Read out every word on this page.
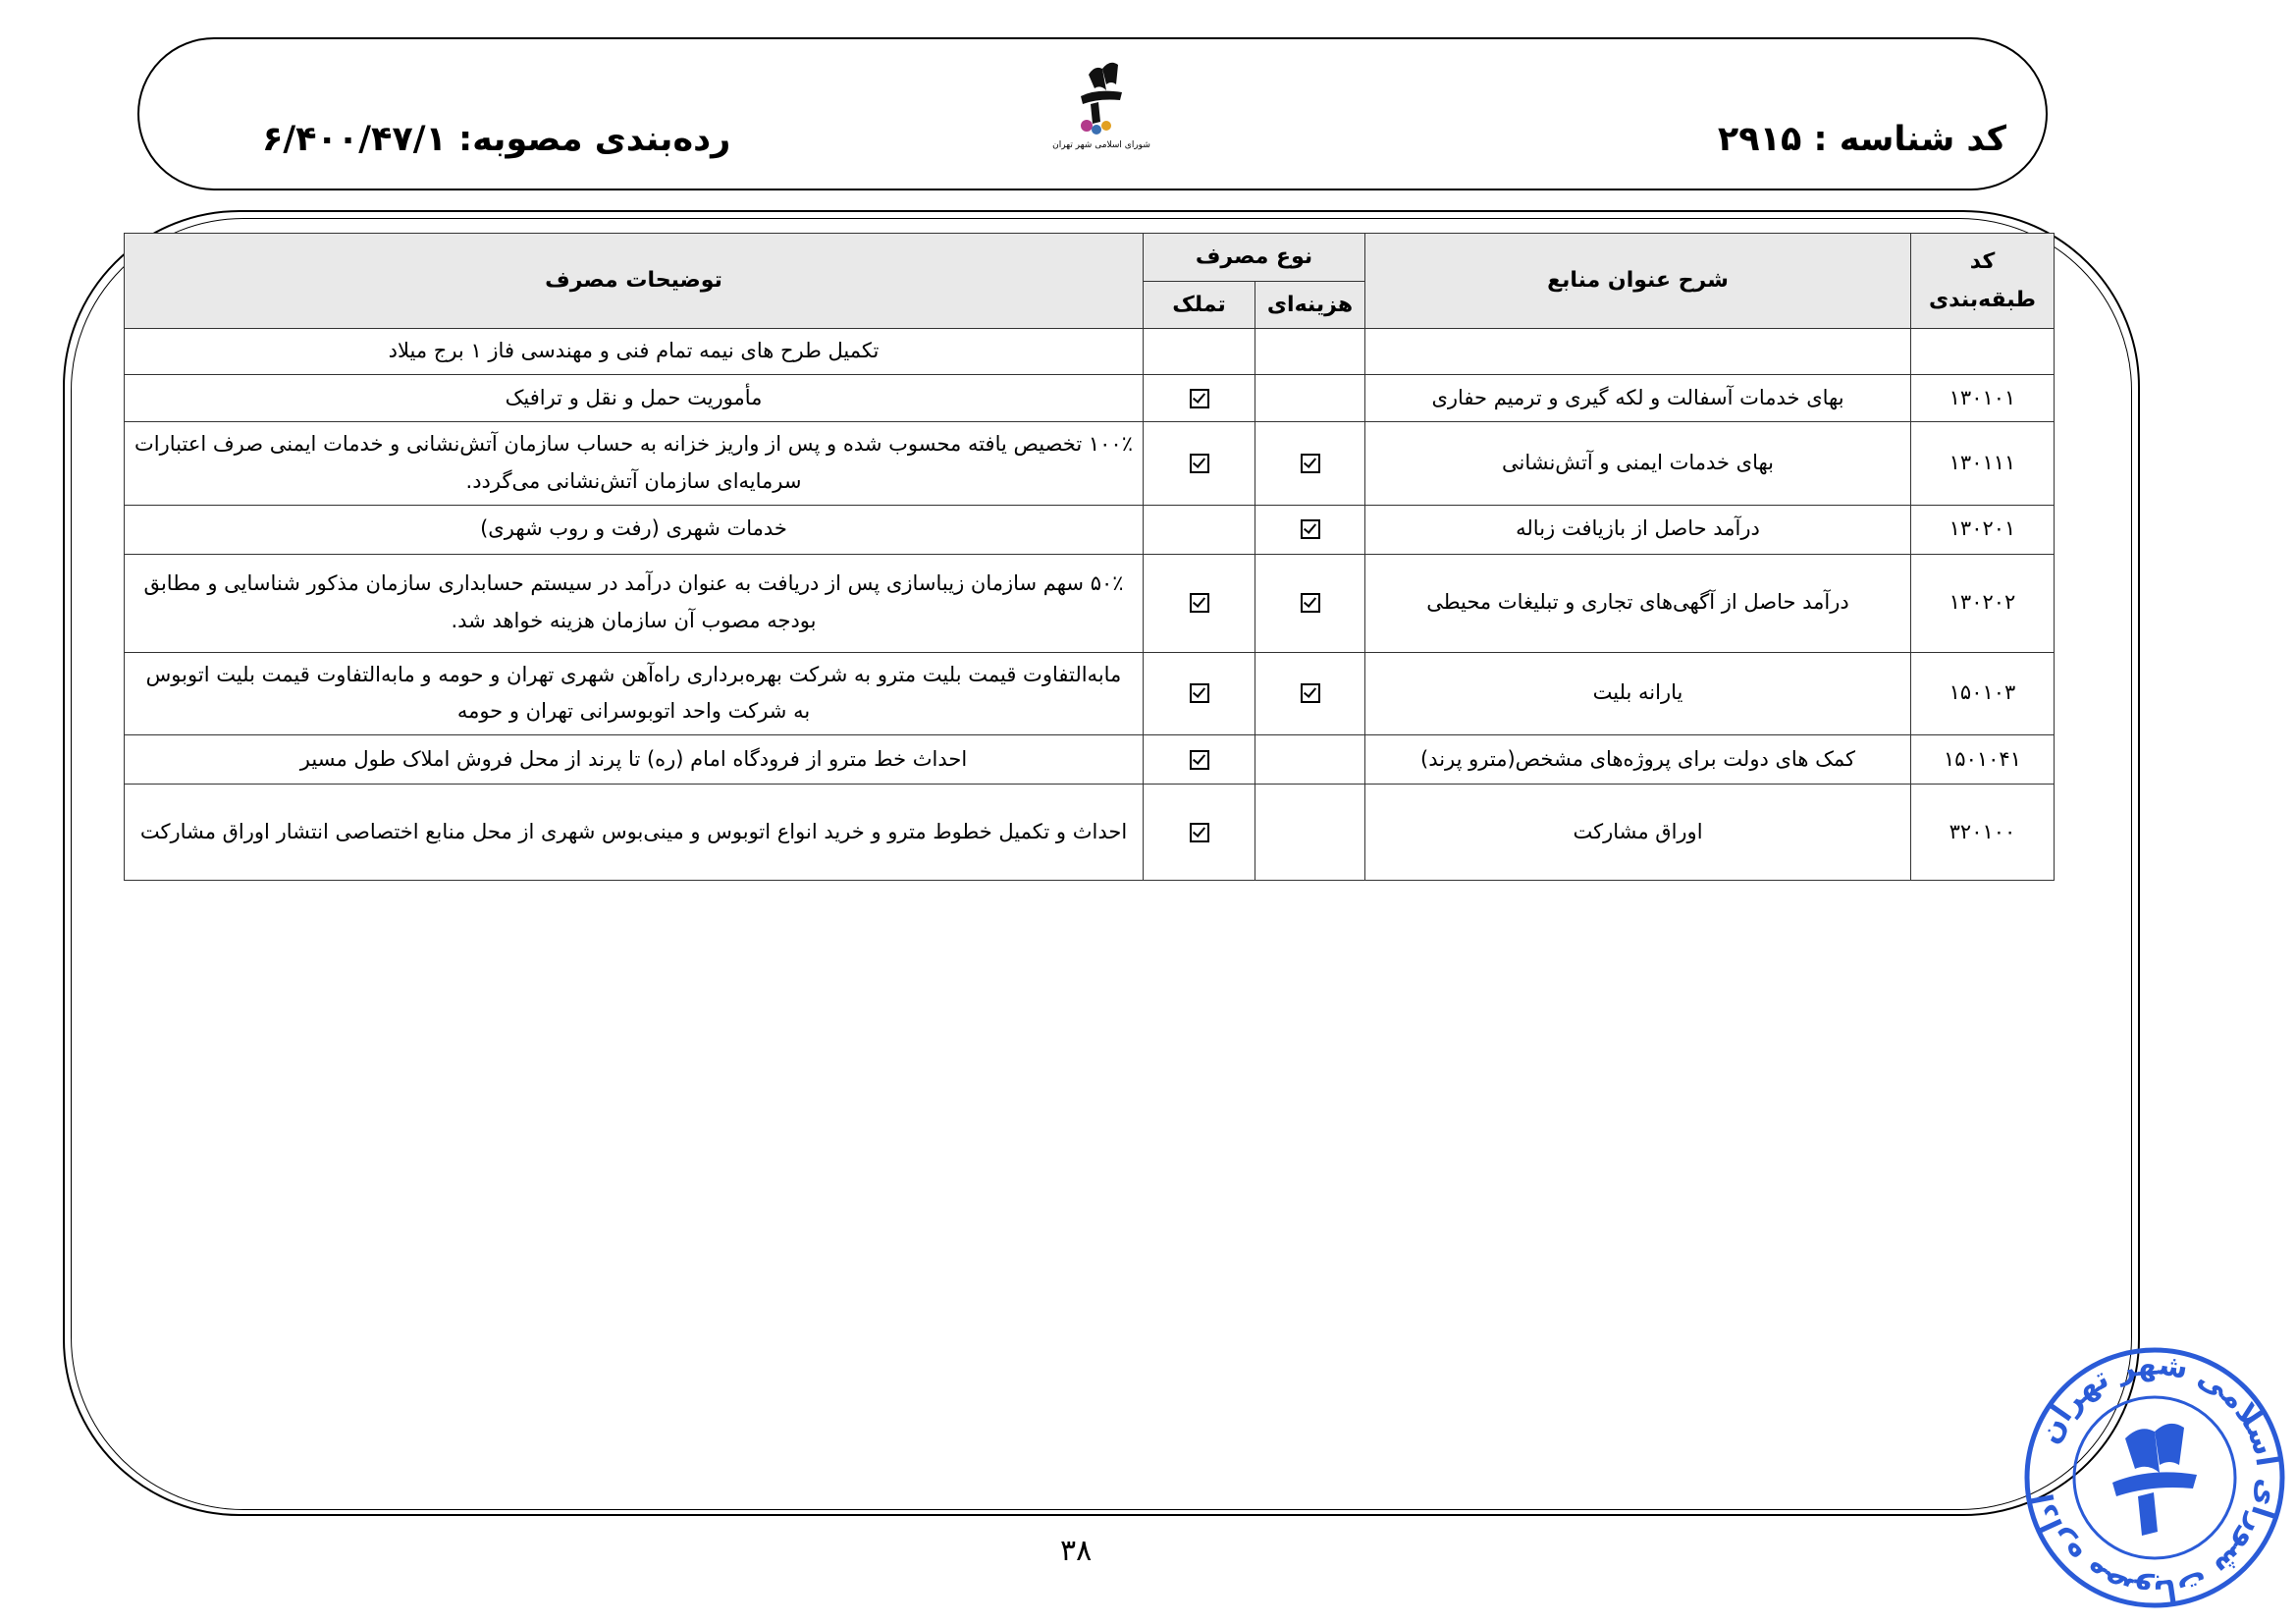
کد شناسه : ۲۹۱۵
شورای اسلامی شهر تهران
رده‌بندی مصوبه: ۶/۴۰۰/۴۷/۱
کد
طبقه‌بندی	شرح عنوان منابع	نوع مصرف		توضیحات مصرف
		هزینه‌ای	تملک	
				تکمیل طرح های نیمه تمام فنی و مهندسی فاز ۱ برج میلاد
۱۳۰۱۰۱	بهای خدمات آسفالت و لکه گیری و ترمیم حفاری			مأموریت حمل و نقل و ترافیک
۱۳۰۱۱۱	بهای خدمات ایمنی و آتش‌نشانی			۱۰۰٪ تخصیص یافته محسوب شده و پس از واریز خزانه به حساب سازمان آتش‌نشانی و خدمات ایمنی صرف اعتبارات سرمایه‌ای سازمان آتش‌نشانی می‌گردد.
۱۳۰۲۰۱	درآمد حاصل از بازیافت زباله			خدمات شهری (رفت و روب شهری)
۱۳۰۲۰۲	درآمد حاصل از آگهی‌های تجاری و تبلیغات محیطی			۵۰٪ سهم سازمان زیباسازی پس از دریافت به عنوان درآمد در سیستم حسابداری سازمان مذکور شناسایی و مطابق بودجه مصوب آن سازمان هزینه خواهد شد.
۱۵۰۱۰۳	یارانه بلیت			مابه‌التفاوت قیمت بلیت مترو به شرکت بهره‌برداری راه‌آهن شهری تهران و حومه و مابه‌التفاوت قیمت بلیت اتوبوس به شرکت واحد اتوبوسرانی تهران و حومه
۱۵۰۱۰۴۱	کمک های دولت برای پروژه‌های مشخص(مترو پرند)			احداث خط مترو از فرودگاه امام (ره) تا پرند از محل فروش املاک طول مسیر
۳۲۰۱۰۰	اوراق مشارکت			احداث و تکمیل خطوط مترو و خرید انواع اتوبوس و مینی‌بوس شهری از محل منابع اختصاصی انتشار اوراق مشارکت
۳۸
اداره مصوبات شورای اسلامی شهر تهران
